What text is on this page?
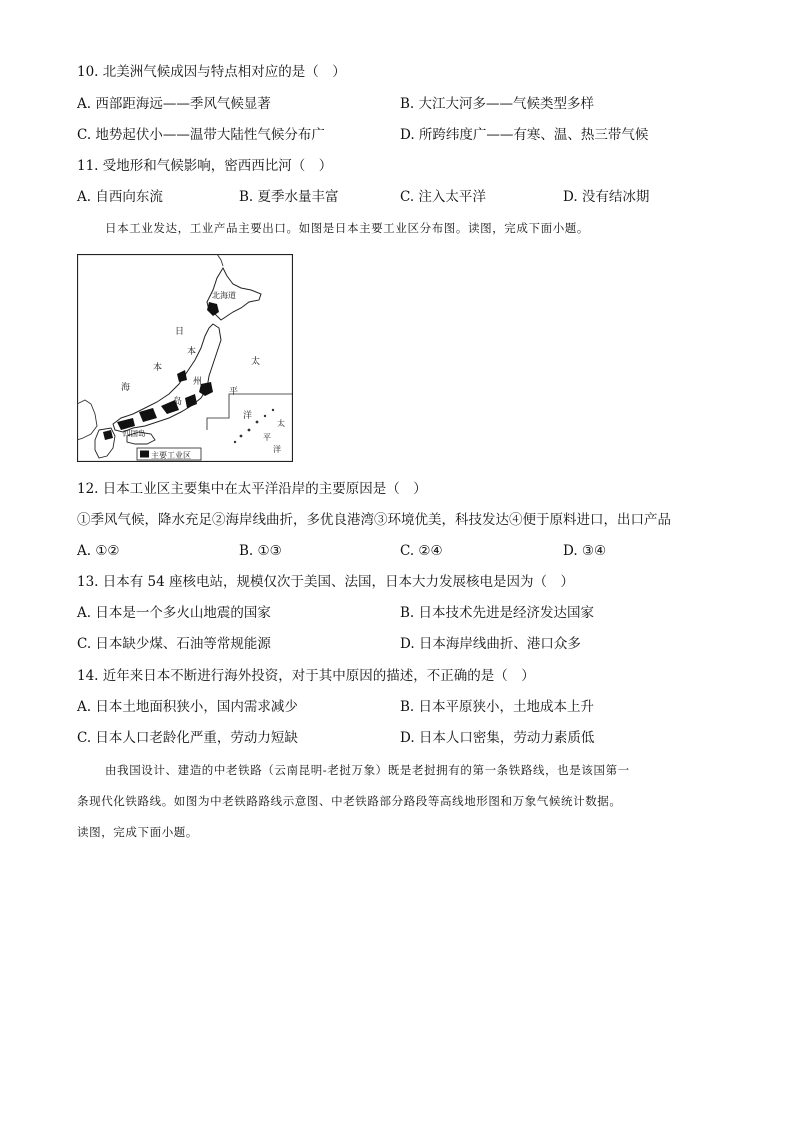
10. 北美洲气候成因与特点相对应的是（　）
A. 西部距海远——季风气候显著	B. 大江大河多——气候类型多样
C. 地势起伏小——温带大陆性气候分布广	D. 所跨纬度广——有寒、温、热三带气候
11. 受地形和气候影响，密西西比河（　）
A. 自西向东流	B. 夏季水量丰富	C. 注入太平洋	D. 没有结冰期
日本工业发达，工业产品主要出口。如图是日本主要工业区分布图。读图，完成下面小题。
主要工业区
北海道
日
本
海
太
平
洋
本
州
岛
四国岛
太
平
洋
12. 日本工业区主要集中在太平洋沿岸的主要原因是（　）
①季风气候，降水充足②海岸线曲折，多优良港湾③环境优美，科技发达④便于原料进口，出口产品
A. ①②	B. ①③	C. ②④	D. ③④
13. 日本有 54 座核电站，规模仅次于美国、法国，日本大力发展核电是因为（　）
A. 日本是一个多火山地震的国家	B. 日本技术先进是经济发达国家
C. 日本缺少煤、石油等常规能源	D. 日本海岸线曲折、港口众多
14. 近年来日本不断进行海外投资，对于其中原因的描述，不正确的是（　）
A. 日本土地面积狭小，国内需求减少	B. 日本平原狭小，土地成本上升
C. 日本人口老龄化严重，劳动力短缺	D. 日本人口密集，劳动力素质低
由我国设计、建造的中老铁路（云南昆明-老挝万象）既是老挝拥有的第一条铁路线，也是该国第一
条现代化铁路线。如图为中老铁路路线示意图、中老铁路部分路段等高线地形图和万象气候统计数据。
读图，完成下面小题。
